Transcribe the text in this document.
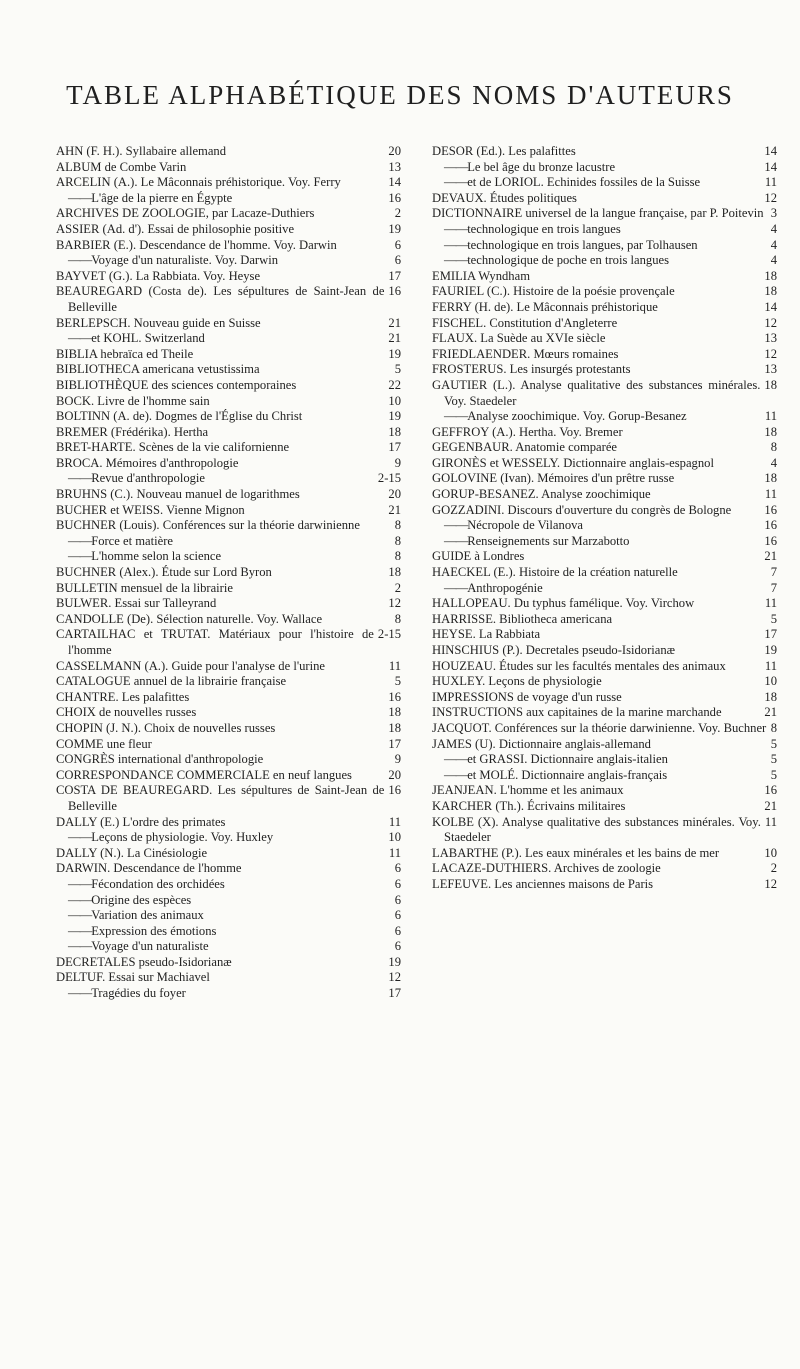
TABLE ALPHABÉTIQUE DES NOMS D'AUTEURS
20
AHN (F. H.). Syllabaire allemand
13
ALBUM de Combe Varin
14
ARCELIN (A.). Le Mâconnais préhistorique. Voy. Ferry
—— 16
L'âge de la pierre en Égypte
2
ARCHIVES DE ZOOLOGIE, par Lacaze-Duthiers
19
ASSIER (Ad. d'). Essai de philosophie positive
6
BARBIER (E.). Descendance de l'homme. Voy. Darwin
—— 6
Voyage d'un naturaliste. Voy. Darwin
17
BAYVET (G.). La Rabbiata. Voy. Heyse
16
BEAUREGARD (Costa de). Les sépultures de Saint-Jean de Belleville
21
BERLEPSCH. Nouveau guide en Suisse
—— 21
et KOHL. Switzerland
19
BIBLIA hebraïca ed Theile
5
BIBLIOTHECA americana vetustissima
22
BIBLIOTHÈQUE des sciences contemporaines
10
BOCK. Livre de l'homme sain
19
BOLTINN (A. de). Dogmes de l'Église du Christ
18
BREMER (Frédérika). Hertha
17
BRET-HARTE. Scènes de la vie californienne
9
BROCA. Mémoires d'anthropologie
—— 2-15
Revue d'anthropologie
20
BRUHNS (C.). Nouveau manuel de logarithmes
21
BUCHER et WEISS. Vienne Mignon
8
BUCHNER (Louis). Conférences sur la théorie darwinienne
—— 8
Force et matière
—— 8
L'homme selon la science
18
BUCHNER (Alex.). Étude sur Lord Byron
2
BULLETIN mensuel de la librairie
12
BULWER. Essai sur Talleyrand
8
CANDOLLE (De). Sélection naturelle. Voy. Wallace
2-15
CARTAILHAC et TRUTAT. Matériaux pour l'histoire de l'homme
11
CASSELMANN (A.). Guide pour l'analyse de l'urine
5
CATALOGUE annuel de la librairie française
16
CHANTRE. Les palafittes
18
CHOIX de nouvelles russes
18
CHOPIN (J. N.). Choix de nouvelles russes
17
COMME une fleur
9
CONGRÈS international d'anthropologie
20
CORRESPONDANCE COMMERCIALE en neuf langues
16
COSTA DE BEAUREGARD. Les sépultures de Saint-Jean de Belleville
11
DALLY (E.) L'ordre des primates
—— 10
Leçons de physiologie. Voy. Huxley
11
DALLY (N.). La Cinésiologie
6
DARWIN. Descendance de l'homme
—— 6
Fécondation des orchidées
—— 6
Origine des espèces
—— 6
Variation des animaux
—— 6
Expression des émotions
—— 6
Voyage d'un naturaliste
19
DECRETALES pseudo-Isidorianæ
12
DELTUF. Essai sur Machiavel
—— 17
Tragédies du foyer
14
DESOR (Ed.). Les palafittes
—— 14
Le bel âge du bronze lacustre
—— 11
et de LORIOL. Echinides fossiles de la Suisse
12
DEVAUX. Études politiques
3
DICTIONNAIRE universel de la langue française, par P. Poitevin
—— 4
technologique en trois langues
—— 4
technologique en trois langues, par Tolhausen
—— 4
technologique de poche en trois langues
18
EMILIA Wyndham
18
FAURIEL (C.). Histoire de la poésie provençale
14
FERRY (H. de). Le Mâconnais préhistorique
12
FISCHEL. Constitution d'Angleterre
13
FLAUX. La Suède au XVIe siècle
12
FRIEDLAENDER. Mœurs romaines
13
FROSTERUS. Les insurgés protestants
18
GAUTIER (L.). Analyse qualitative des substances minérales. Voy. Staedeler
—— 11
Analyse zoochimique. Voy. Gorup-Besanez
18
GEFFROY (A.). Hertha. Voy. Bremer
8
GEGENBAUR. Anatomie comparée
4
GIRONÈS et WESSELY. Dictionnaire anglais-espagnol
18
GOLOVINE (Ivan). Mémoires d'un prêtre russe
11
GORUP-BESANEZ. Analyse zoochimique
16
GOZZADINI. Discours d'ouverture du congrès de Bologne
—— 16
Nécropole de Vilanova
—— 16
Renseignements sur Marzabotto
21
GUIDE à Londres
7
HAECKEL (E.). Histoire de la création naturelle
—— 7
Anthropogénie
11
HALLOPEAU. Du typhus famélique. Voy. Virchow
5
HARRISSE. Bibliotheca americana
17
HEYSE. La Rabbiata
19
HINSCHIUS (P.). Decretales pseudo-Isidorianæ
11
HOUZEAU. Études sur les facultés mentales des animaux
10
HUXLEY. Leçons de physiologie
18
IMPRESSIONS de voyage d'un russe
21
INSTRUCTIONS aux capitaines de la marine marchande
8
JACQUOT. Conférences sur la théorie darwinienne. Voy. Buchner
5
JAMES (U). Dictionnaire anglais-allemand
—— 5
et GRASSI. Dictionnaire anglais-italien
—— 5
et MOLÉ. Dictionnaire anglais-français
16
JEANJEAN. L'homme et les animaux
21
KARCHER (Th.). Écrivains militaires
11
KOLBE (X). Analyse qualitative des substances minérales. Voy. Staedeler
10
LABARTHE (P.). Les eaux minérales et les bains de mer
2
LACAZE-DUTHIERS. Archives de zoologie
12
LEFEUVE. Les anciennes maisons de Paris
